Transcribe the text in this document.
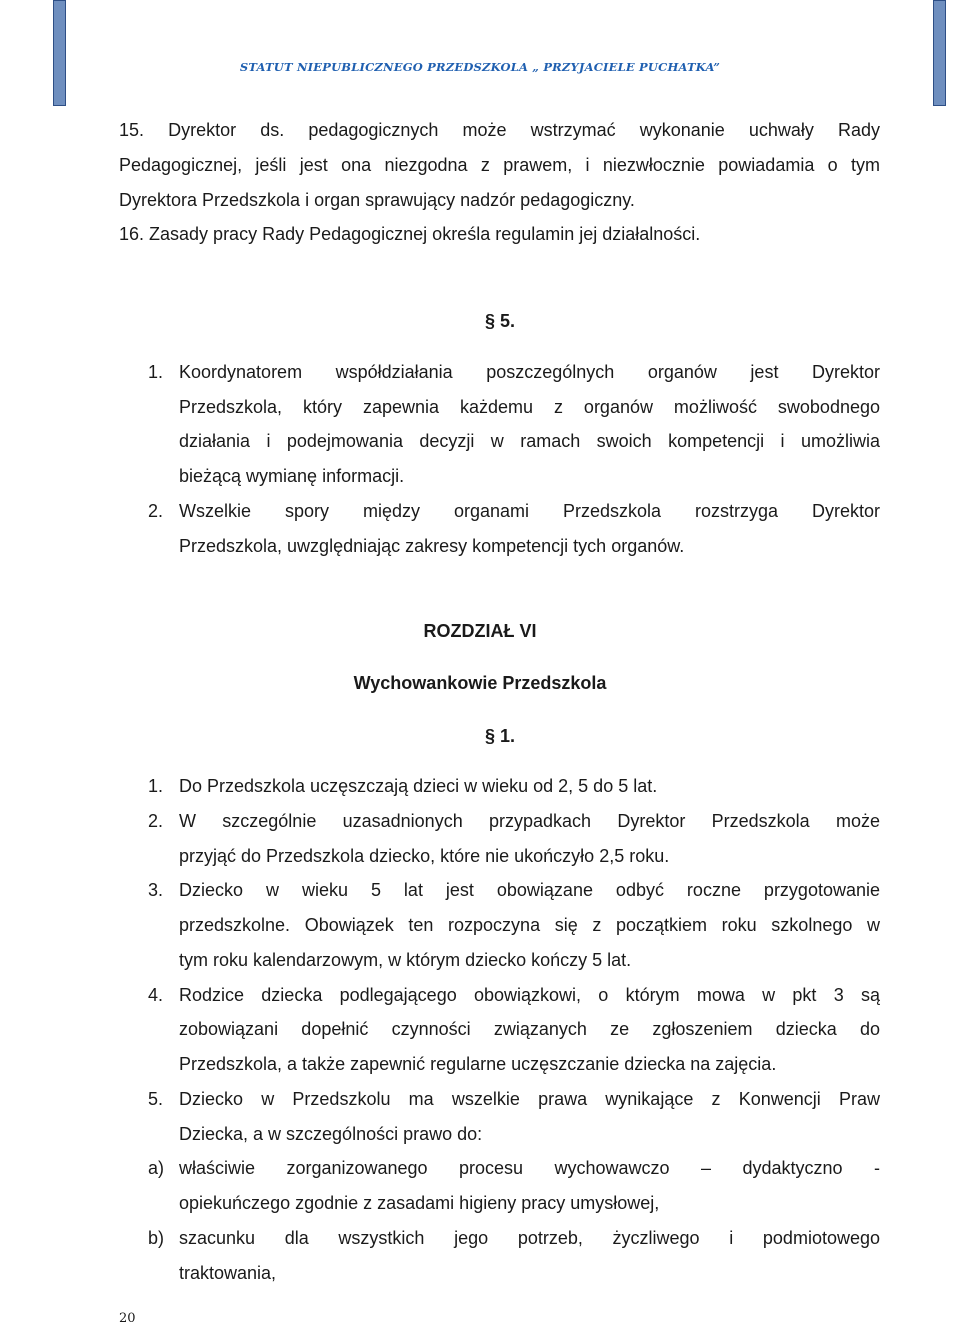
STATUT NIEPUBLICZNEGO PRZEDSZKOLA „ PRZYJACIELE PUCHATKA”
15. Dyrektor ds. pedagogicznych może wstrzymać wykonanie uchwały Rady
Pedagogicznej, jeśli jest ona niezgodna z prawem, i niezwłocznie powiadamia o tym
Dyrektora Przedszkola i organ sprawujący nadzór pedagogiczny.
16. Zasady pracy Rady Pedagogicznej określa regulamin jej działalności.
§ 5.
1. Koordynatorem współdziałania poszczególnych organów jest Dyrektor
Przedszkola, który zapewnia każdemu z organów możliwość swobodnego
działania i podejmowania decyzji w ramach swoich kompetencji i umożliwia
bieżącą wymianę informacji.
2. Wszelkie spory między organami Przedszkola rozstrzyga Dyrektor
Przedszkola, uwzględniając zakresy kompetencji tych organów.
ROZDZIAŁ VI
Wychowankowie Przedszkola
§ 1.
1. Do Przedszkola uczęszczają dzieci w wieku od 2, 5 do 5 lat.
2. W szczególnie uzasadnionych przypadkach Dyrektor Przedszkola może
przyjąć do Przedszkola dziecko, które nie ukończyło 2,5 roku.
3. Dziecko w wieku 5 lat jest obowiązane odbyć roczne przygotowanie
przedszkolne. Obowiązek ten rozpoczyna się z początkiem roku szkolnego w
tym roku kalendarzowym, w którym dziecko kończy 5 lat.
4. Rodzice dziecka podlegającego obowiązkowi, o którym mowa w pkt 3 są
zobowiązani dopełnić czynności związanych ze zgłoszeniem dziecka do
Przedszkola, a także zapewnić regularne uczęszczanie dziecka na zajęcia.
5. Dziecko w Przedszkolu ma wszelkie prawa wynikające z Konwencji Praw
Dziecka, a w szczególności prawo do:
a) właściwie zorganizowanego procesu wychowawczo – dydaktyczno -
opiekuńczego zgodnie z zasadami higieny pracy umysłowej,
b) szacunku dla wszystkich jego potrzeb, życzliwego i podmiotowego
traktowania,
20
